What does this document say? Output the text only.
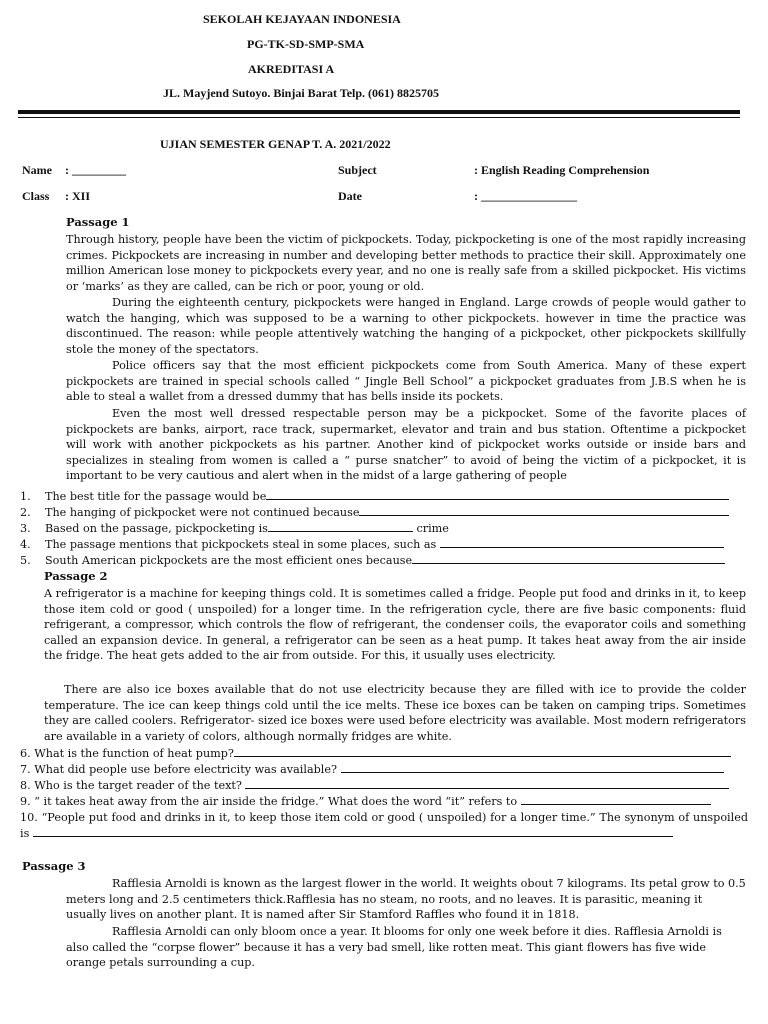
SEKOLAH KEJAYAAN INDONESIA
PG-TK-SD-SMP-SMA
AKREDITASI A
JL. Mayjend Sutoyo. Binjai Barat Telp. (061) 8825705
UJIAN SEMESTER GENAP T. A. 2021/2022
Name : _________	Subject	: English Reading Comprehension
Class : XII	Date	: ________________
Passage 1
Through history, people have been the victim of pickpockets. Today, pickpocketing is one of the most rapidly increasing crimes. Pickpockets are increasing in number and developing better methods to practice their skill. Approximately one million American lose money to pickpockets every year, and no one is really safe from a skilled pickpocket. His victims or ‘marks’ as they are called, can be rich or poor, young or old.
During the eighteenth century, pickpockets were hanged in England. Large crowds of people would gather to watch the hanging, which was supposed to be a warning to other pickpockets. however in time the practice was discontinued. The reason: while people attentively watching the hanging of a pickpocket, other pickpockets skillfully stole the money of the spectators.
Police officers say that the most efficient pickpockets come from South America. Many of these expert pickpockets are trained in special schools called “ Jingle Bell School” a pickpocket graduates from J.B.S when he is able to steal a wallet from a dressed dummy that has bells inside its pockets.
Even the most well dressed respectable person may be a pickpocket. Some of the favorite places of pickpockets are banks, airport, race track, supermarket, elevator and train and bus station. Oftentime a pickpocket will work with another pickpockets as his partner. Another kind of pickpocket works outside or inside bars and specializes in stealing from women is called a “ purse snatcher” to avoid of being the victim of a pickpocket, it is important to be very cautious and alert when in the midst of a large gathering of people
1. The best title for the passage would be
2. The hanging of pickpocket were not continued because
3. Based on the passage, pickpocketing is	crime
4. The passage mentions that pickpockets steal in some places, such as
5. South American pickpockets are the most efficient ones because
Passage 2
A refrigerator is a machine for keeping things cold. It is sometimes called a fridge. People put food and drinks in it, to keep those item cold or good ( unspoiled) for a longer time. In the refrigeration cycle, there are five basic components: fluid refrigerant, a compressor, which controls the flow of refrigerant, the condenser coils, the evaporator coils and something called an expansion device. In general, a refrigerator can be seen as a heat pump. It takes heat away from the air inside the fridge. The heat gets added to the air from outside. For this, it usually uses electricity.
There are also ice boxes available that do not use electricity because they are filled with ice to provide the colder temperature. The ice can keep things cold until the ice melts. These ice boxes can be taken on camping trips. Sometimes they are called coolers. Refrigerator- sized ice boxes were used before electricity was available. Most modern refrigerators are available in a variety of colors, although normally fridges are white.
6. What is the function of heat pump?
7. What did people use before electricity was available?
8. Who is the target reader of the text?
9. “ it takes heat away from the air inside the fridge.” What does the word “it” refers to
10. “People put food and drinks in it, to keep those item cold or good ( unspoiled) for a longer time.” The synonym of unspoiled is
Passage 3
Rafflesia Arnoldi is known as the largest flower in the world. It weights obout 7 kilograms. Its petal grow to 0.5 meters long and 2.5 centimeters thick.Rafflesia has no steam, no roots, and no leaves. It is parasitic, meaning it usually lives on another plant. It is named after Sir Stamford Raffles who found it in 1818.
Rafflesia Arnoldi can only bloom once a year. It blooms for only one week before it dies. Rafflesia Arnoldi is also called the “corpse flower” because it has a very bad smell, like rotten meat. This giant flowers has five wide orange petals surrounding a cup.
